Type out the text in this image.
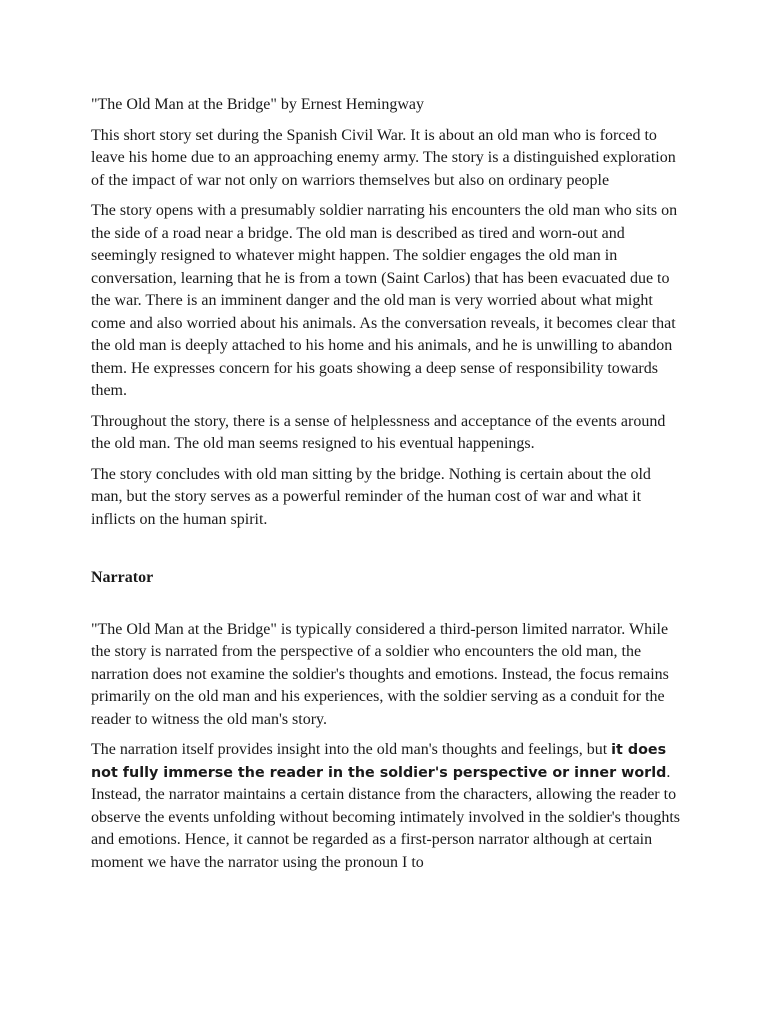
"The Old Man at the Bridge" by Ernest Hemingway

This short story set during the Spanish Civil War. It is about an old man who is forced to leave his home due to an approaching enemy army. The story is a distinguished exploration of the impact of war not only on warriors themselves but also on ordinary people

The story opens with a presumably soldier narrating his encounters the old man who sits on the side of a road near a bridge. The old man is described as tired and worn-out and seemingly resigned to whatever might happen. The soldier engages the old man in conversation, learning that he is from a town (Saint Carlos) that has been evacuated due to the war. There is an imminent danger and the old man is very worried about what might come and also worried about his animals. As the conversation reveals, it becomes clear that the old man is deeply attached to his home and his animals, and he is unwilling to abandon them. He expresses concern for his goats showing a deep sense of responsibility towards them.

Throughout the story, there is a sense of helplessness and acceptance of the events around the old man. The old man seems resigned to his eventual happenings.

The story concludes with old man sitting by the bridge. Nothing is certain about the old man, but the story serves as a powerful reminder of the human cost of war and what it inflicts on the human spirit.

Narrator

"The Old Man at the Bridge" is typically considered a third-person limited narrator. While the story is narrated from the perspective of a soldier who encounters the old man, the narration does not examine the soldier's thoughts and emotions. Instead, the focus remains primarily on the old man and his experiences, with the soldier serving as a conduit for the reader to witness the old man's story.

The narration itself provides insight into the old man's thoughts and feelings, but it does not fully immerse the reader in the soldier's perspective or inner world. Instead, the narrator maintains a certain distance from the characters, allowing the reader to observe the events unfolding without becoming intimately involved in the soldier's thoughts and emotions. Hence, it cannot be regarded as a first-person narrator although at certain moment we have the narrator using the pronoun I to
